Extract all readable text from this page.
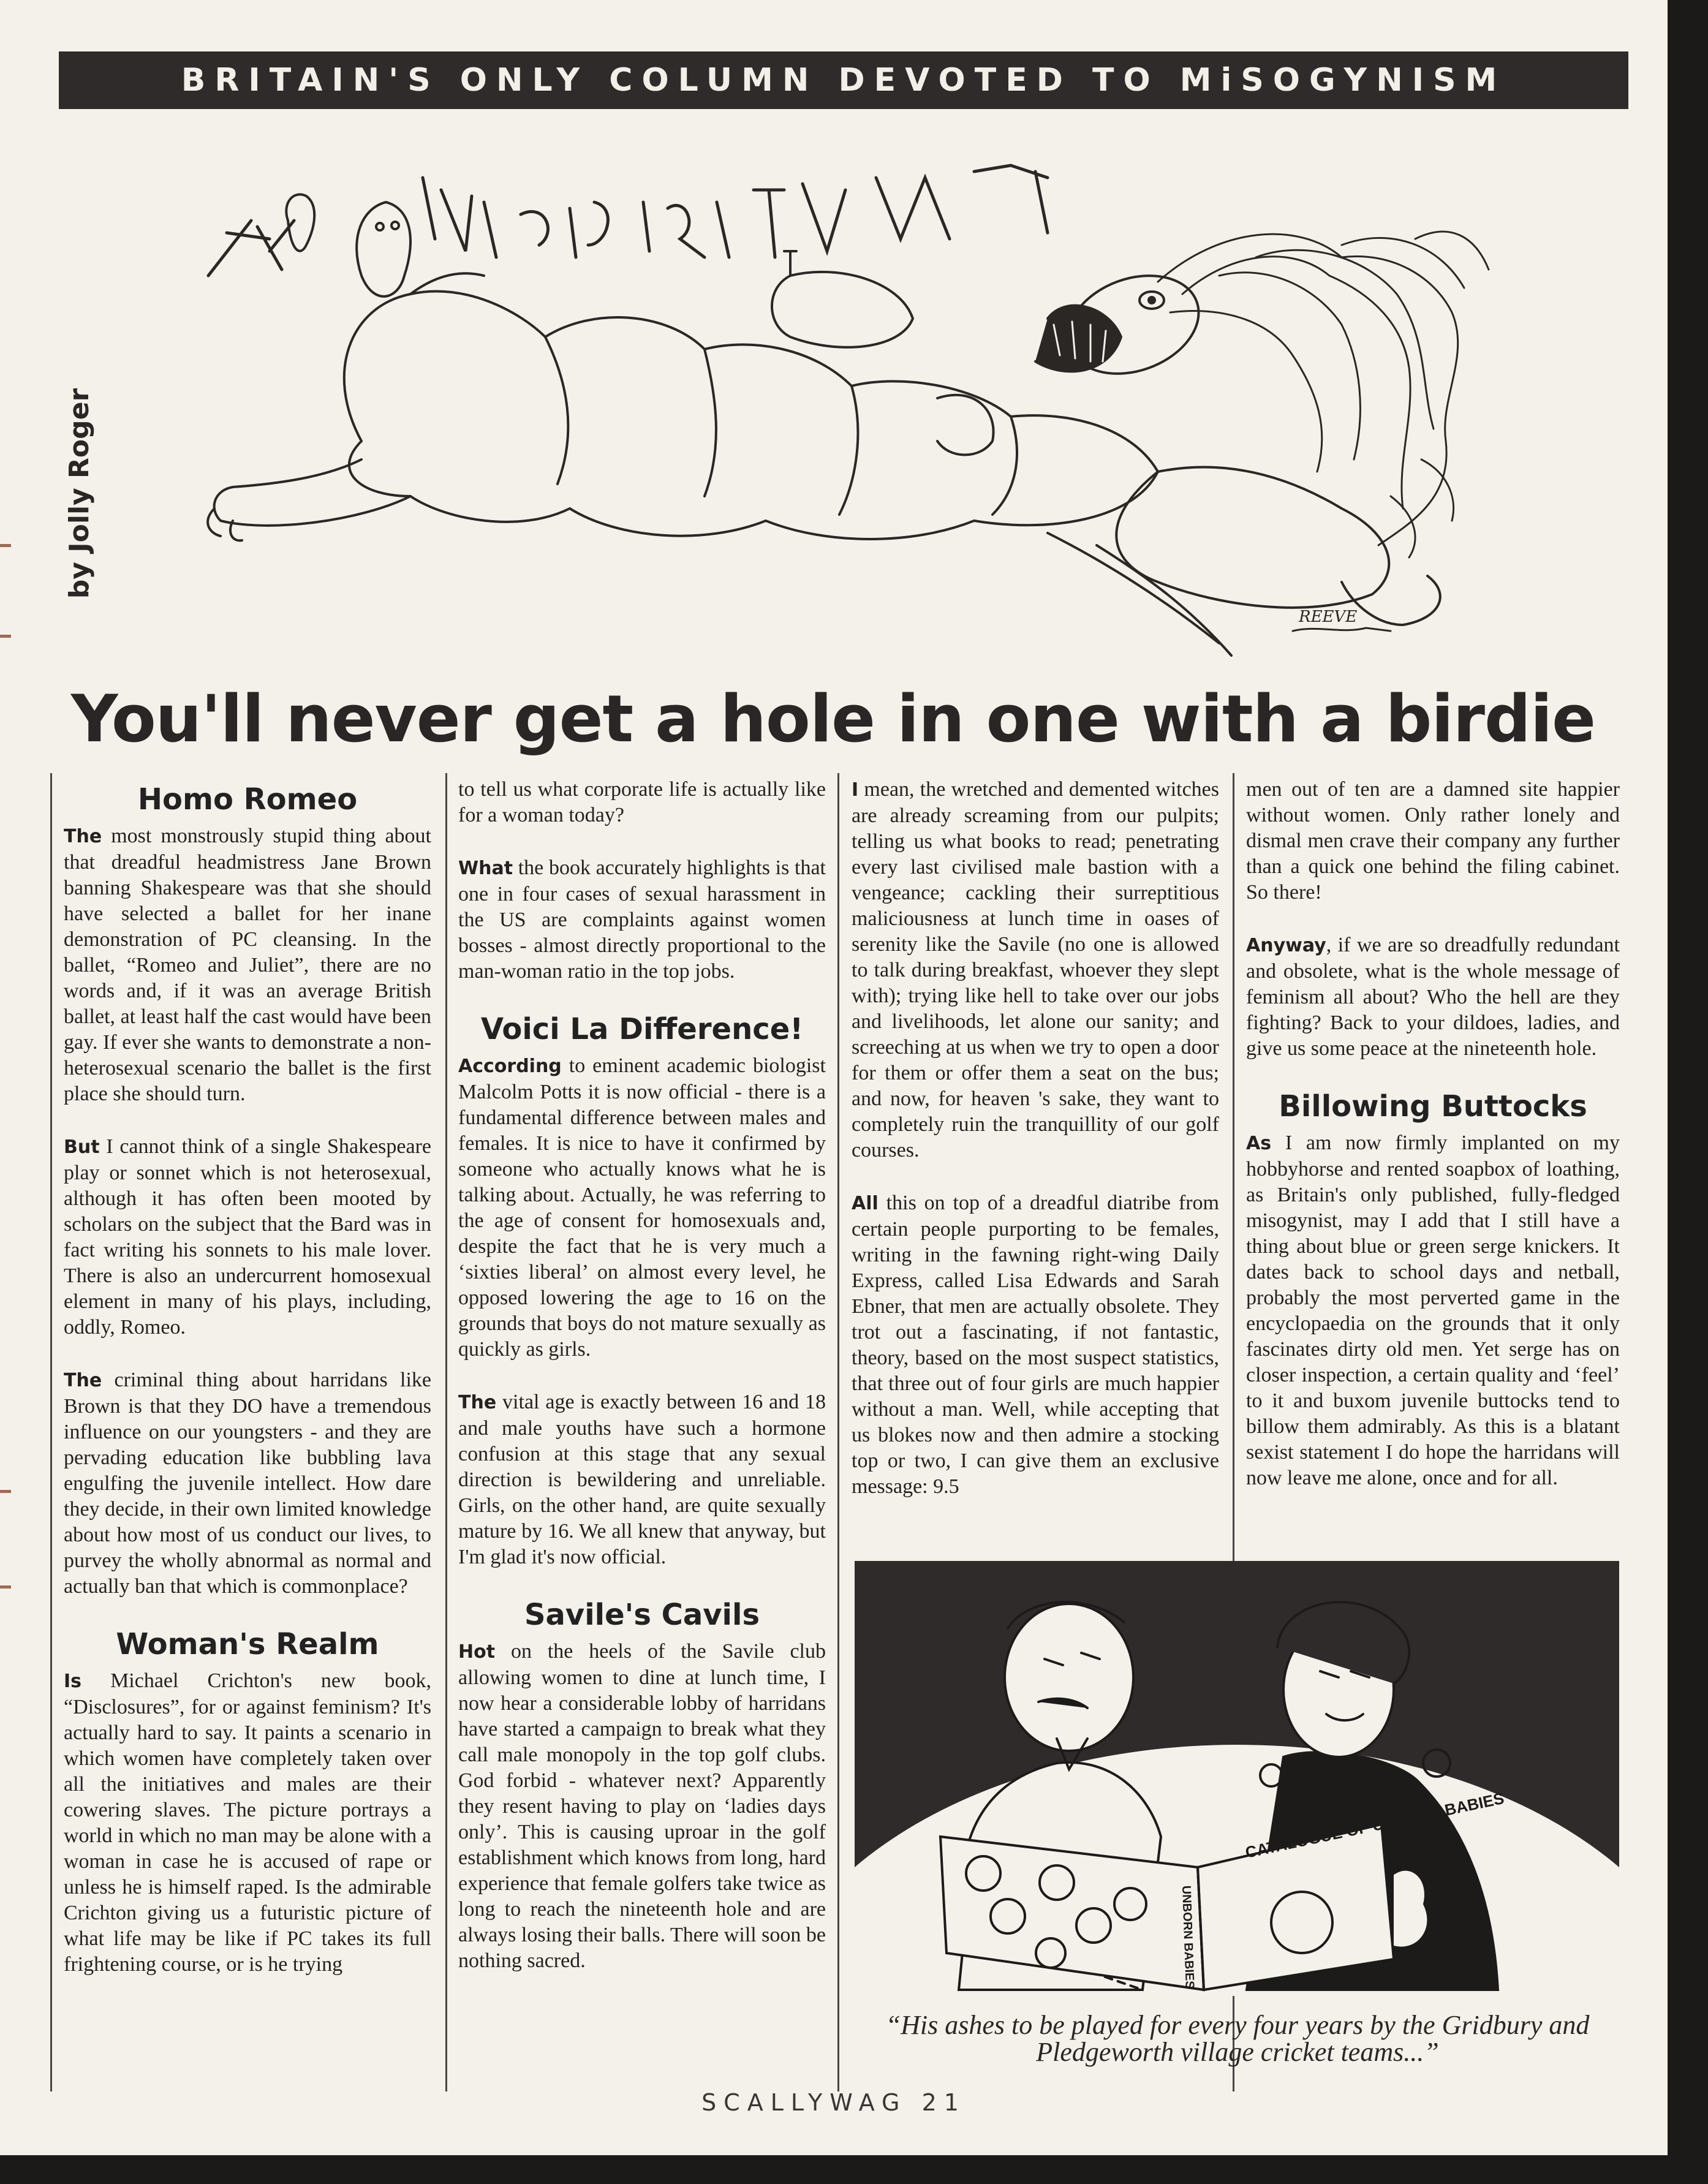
BRITAIN'S ONLY COLUMN DEVOTED TO MiSOGYNISM
by Jolly Roger
REEVE
THE MONSTROUS REGIMENT
You'll never get a hole in one with a birdie
Homo Romeo

The most monstrously stupid thing about that dreadful headmistress Jane Brown banning Shakespeare was that she should have selected a ballet for her inane demonstration of PC cleansing. In the ballet, “Romeo and Juliet”, there are no words and, if it was an average British ballet, at least half the cast would have been gay. If ever she wants to demonstrate a non-heterosexual scenario the ballet is the first place she should turn.

But I cannot think of a single Shakespeare play or sonnet which is not heterosexual, although it has often been mooted by scholars on the subject that the Bard was in fact writing his sonnets to his male lover. There is also an undercurrent homosexual element in many of his plays, including, oddly, Romeo.

The criminal thing about harridans like Brown is that they DO have a tremendous influence on our youngsters - and they are pervading education like bubbling lava engulfing the juvenile intellect. How dare they decide, in their own limited knowledge about how most of us conduct our lives, to purvey the wholly abnormal as normal and actually ban that which is commonplace?

Woman's Realm

Is Michael Crichton's new book, “Disclosures”, for or against feminism? It's actually hard to say. It paints a scenario in which women have completely taken over all the initiatives and males are their cowering slaves. The picture portrays a world in which no man may be alone with a woman in case he is accused of rape or unless he is himself raped. Is the admirable Crichton giving us a futuristic picture of what life may be like if PC takes its full frightening course, or is he trying

to tell us what corporate life is actually like for a woman today?

What the book accurately highlights is that one in four cases of sexual harassment in the US are complaints against women bosses - almost directly proportional to the man-woman ratio in the top jobs.

Voici La Difference!

According to eminent academic biologist Malcolm Potts it is now official - there is a fundamental difference between males and females. It is nice to have it confirmed by someone who actually knows what he is talking about. Actually, he was referring to the age of consent for homosexuals and, despite the fact that he is very much a ‘sixties liberal’ on almost every level, he opposed lowering the age to 16 on the grounds that boys do not mature sexually as quickly as girls.

The vital age is exactly between 16 and 18 and male youths have such a hormone confusion at this stage that any sexual direction is bewildering and unreliable. Girls, on the other hand, are quite sexually mature by 16. We all knew that anyway, but I'm glad it's now official.

Savile's Cavils

Hot on the heels of the Savile club allowing women to dine at lunch time, I now hear a considerable lobby of harridans have started a campaign to break what they call male monopoly in the top golf clubs. God forbid - whatever next? Apparently they resent having to play on ‘ladies days only’. This is causing uproar in the golf establishment which knows from long, hard experience that female golfers take twice as long to reach the nineteenth hole and are always losing their balls. There will soon be nothing sacred.

I mean, the wretched and demented witches are already screaming from our pulpits; telling us what books to read; penetrating every last civilised male bastion with a vengeance; cackling their surreptitious maliciousness at lunch time in oases of serenity like the Savile (no one is allowed to talk during breakfast, whoever they slept with); trying like hell to take over our jobs and livelihoods, let alone our sanity; and screeching at us when we try to open a door for them or offer them a seat on the bus; and now, for heaven 's sake, they want to completely ruin the tranquillity of our golf courses.

All this on top of a dreadful diatribe from certain people purporting to be females, writing in the fawning right-wing Daily Express, called Lisa Edwards and Sarah Ebner, that men are actually obsolete. They trot out a fascinating, if not fantastic, theory, based on the most suspect statistics, that three out of four girls are much happier without a man. Well, while accepting that us blokes now and then admire a stocking top or two, I can give them an exclusive message: 9.5

men out of ten are a damned site happier without women. Only rather lonely and dismal men crave their company any further than a quick one behind the filing cabinet. So there!

Anyway, if we are so dreadfully redundant and obsolete, what is the whole message of feminism all about? Who the hell are they fighting? Back to your dildoes, ladies, and give us some peace at the nineteenth hole.

Billowing Buttocks

As I am now firmly implanted on my hobbyhorse and rented soapbox of loathing, as Britain's only published, fully-fledged misogynist, may I add that I still have a thing about blue or green serge knickers. It dates back to school days and netball, probably the most perverted game in the encyclopaedia on the grounds that it only fascinates dirty old men. Yet serge has on closer inspection, a certain quality and ‘feel’ to it and buxom juvenile buttocks tend to billow them admirably. As this is a blatant sexist statement I do hope the harridans will now leave me alone, once and for all.

CATALOGUE OF UNBORN BABIES
UNBORN BABIES
“His ashes to be played for every four years by the Gridbury and Pledgeworth village cricket teams...”
SCALLYWAG 21
